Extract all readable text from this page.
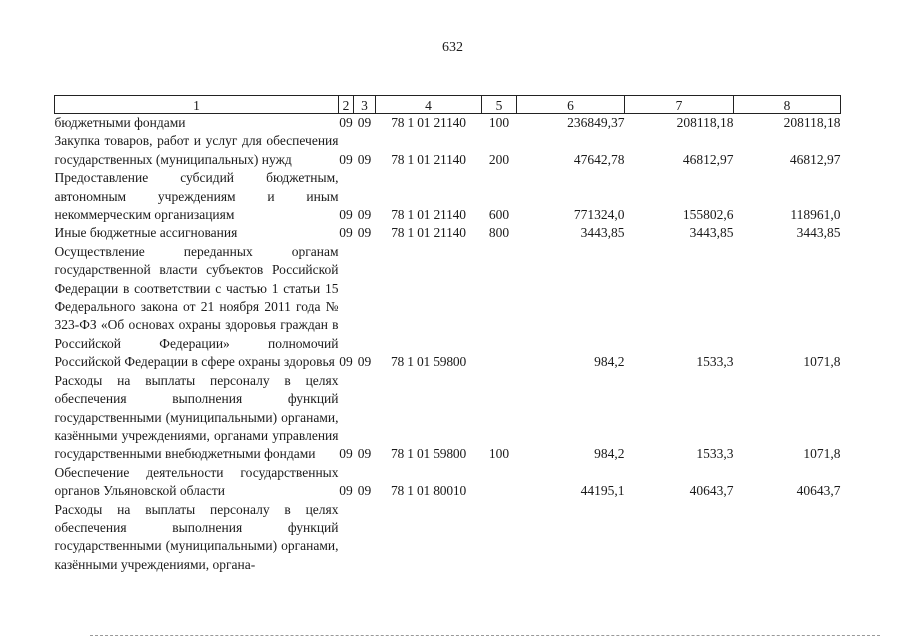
632
1	2	3	4	5	6	7	8
бюджетными фондами	09	09	78 1 01 21140	100	236849,37	208118,18	208118,18
Закупка товаров, работ и услуг для обеспечения государственных (муниципальных) нужд	09	09	78 1 01 21140	200	47642,78	46812,97	46812,97
Предоставление субсидий бюджетным, автономным учреждениям и иным некоммерческим организациям	09	09	78 1 01 21140	600	771324,0	155802,6	118961,0
Иные бюджетные ассигнования	09	09	78 1 01 21140	800	3443,85	3443,85	3443,85
Осуществление переданных органам государственной власти субъектов Российской Федерации в соответствии с частью 1 статьи 15 Федерального закона от 21 ноября 2011 года № 323-ФЗ «Об основах охраны здоровья граждан в Российской Федерации» полномочий Российской Федерации в сфере охраны здоровья	09	09	78 1 01 59800		984,2	1533,3	1071,8
Расходы на выплаты персоналу в целях обеспечения выполнения функций государственными (муниципальными) органами, казёнными учреждениями, органами управления государственными внебюджетными фондами	09	09	78 1 01 59800	100	984,2	1533,3	1071,8
Обеспечение деятельности государственных органов Ульяновской области	09	09	78 1 01 80010		44195,1	40643,7	40643,7
Расходы на выплаты персоналу в целях обеспечения выполнения функций государственными (муниципальными) органами, казёнными учреждениями, органа-							
